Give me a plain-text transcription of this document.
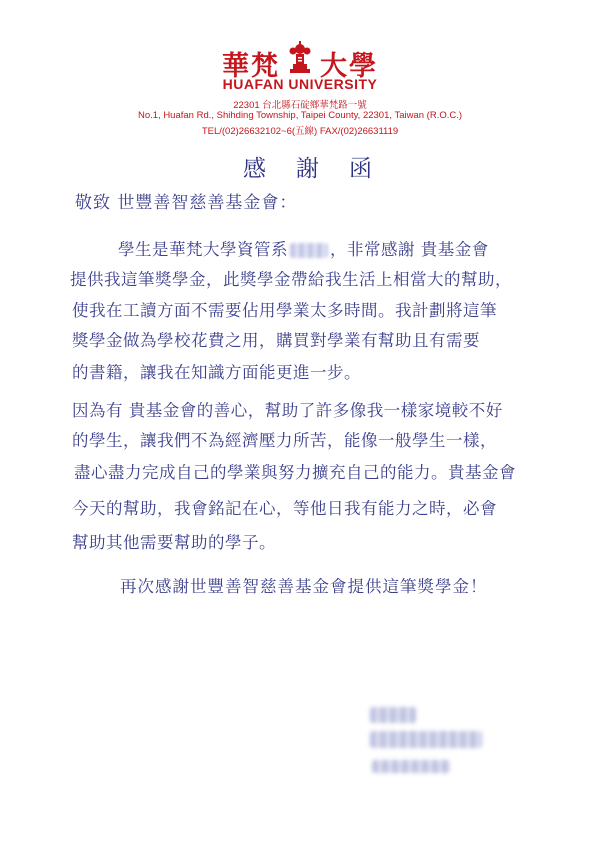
華梵 大學
HUAFAN UNIVERSITY
22301 台北縣石碇鄉華梵路一號
No.1, Huafan Rd., Shihding Township, Taipei County, 22301, Taiwan (R.O.C.)
TEL/(02)26632102~6(五線) FAX/(02)26631119
感謝函
敬致 世豐善智慈善基金會：
學生是華梵大學資管系	，非常感謝 貴基金會
提供我這筆獎學金，此獎學金帶給我生活上相當大的幫助，
使我在工讀方面不需要佔用學業太多時間。我計劃將這筆
獎學金做為學校花費之用，購買對學業有幫助且有需要
的書籍，讓我在知識方面能更進一步。
因為有 貴基金會的善心，幫助了許多像我一樣家境較不好
的學生，讓我們不為經濟壓力所苦，能像一般學生一樣，
盡心盡力完成自己的學業與努力擴充自己的能力。貴基金會
今天的幫助，我會銘記在心，等他日我有能力之時，必會
幫助其他需要幫助的學子。
再次感謝世豐善智慈善基金會提供這筆獎學金！
